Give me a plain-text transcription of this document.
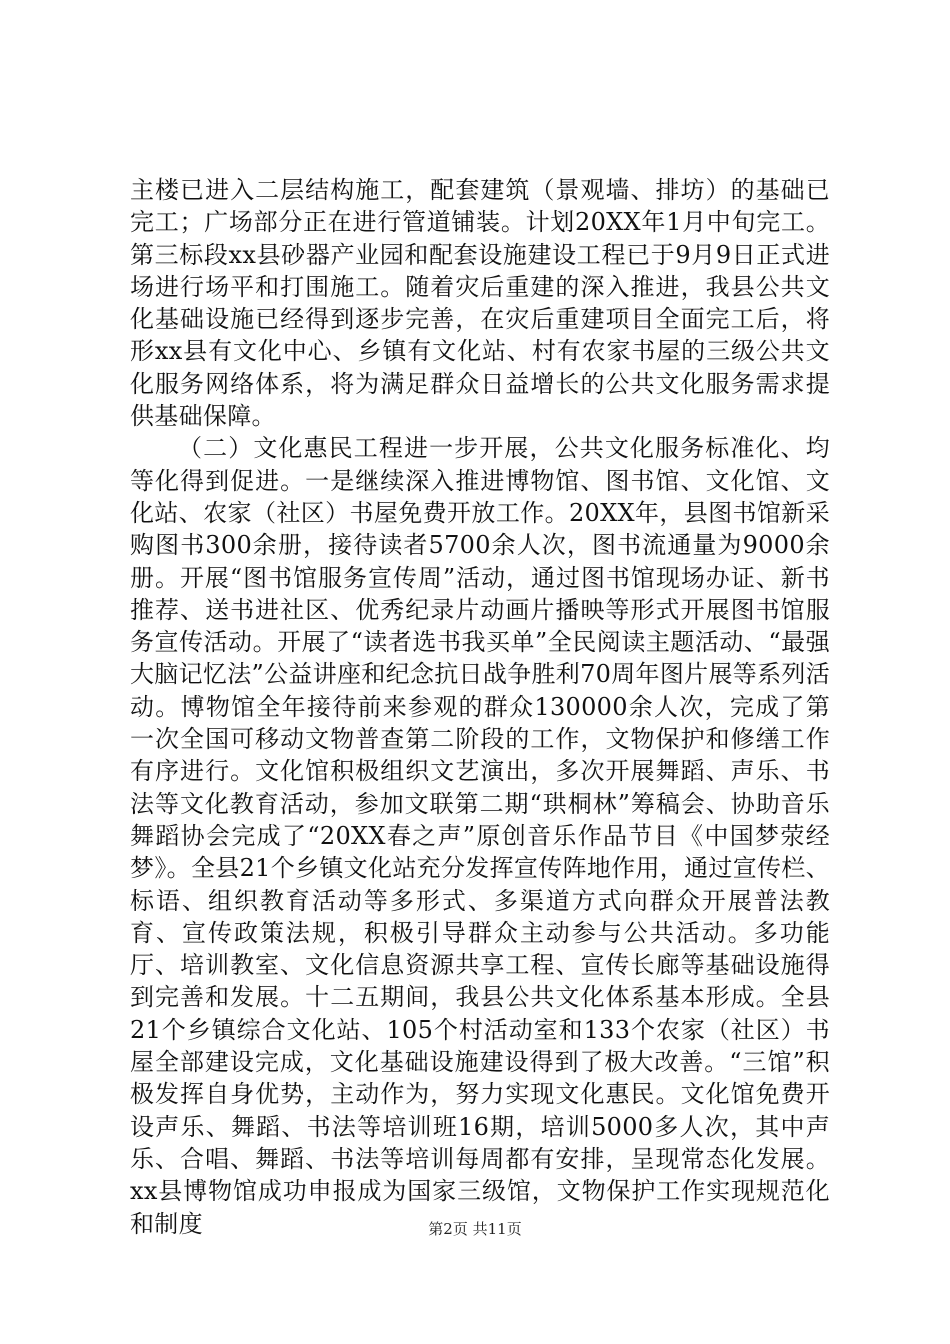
主楼已进入二层结构施工，配套建筑（景观墙、排坊）的基础已完工；广场部分正在进行管道铺装。计划20XX年1月中旬完工。第三标段xx县砂器产业园和配套设施建设工程已于9月9日正式进场进行场平和打围施工。随着灾后重建的深入推进，我县公共文化基础设施已经得到逐步完善，在灾后重建项目全面完工后，将形xx县有文化中心、乡镇有文化站、村有农家书屋的三级公共文化服务网络体系，将为满足群众日益增长的公共文化服务需求提供基础保障。

（二）文化惠民工程进一步开展，公共文化服务标准化、均等化得到促进。一是继续深入推进博物馆、图书馆、文化馆、文化站、农家（社区）书屋免费开放工作。20XX年，县图书馆新采购图书300余册，接待读者5700余人次，图书流通量为9000余册。开展“图书馆服务宣传周”活动，通过图书馆现场办证、新书推荐、送书进社区、优秀纪录片动画片播映等形式开展图书馆服务宣传活动。开展了“读者选书我买单”全民阅读主题活动、“最强大脑记忆法”公益讲座和纪念抗日战争胜利70周年图片展等系列活动。博物馆全年接待前来参观的群众130000余人次，完成了第一次全国可移动文物普查第二阶段的工作，文物保护和修缮工作有序进行。文化馆积极组织文艺演出，多次开展舞蹈、声乐、书法等文化教育活动，参加文联第二期“珙桐林”筹稿会、协助音乐舞蹈协会完成了“20XX春之声”原创音乐作品节目《中国梦荥经梦》。全县21个乡镇文化站充分发挥宣传阵地作用，通过宣传栏、标语、组织教育活动等多形式、多渠道方式向群众开展普法教育、宣传政策法规，积极引导群众主动参与公共活动。多功能厅、培训教室、文化信息资源共享工程、宣传长廊等基础设施得到完善和发展。十二五期间，我县公共文化体系基本形成。全县21个乡镇综合文化站、105个村活动室和133个农家（社区）书屋全部建设完成，文化基础设施建设得到了极大改善。“三馆”积极发挥自身优势，主动作为，努力实现文化惠民。文化馆免费开设声乐、舞蹈、书法等培训班16期，培训5000多人次，其中声乐、合唱、舞蹈、书法等培训每周都有安排，呈现常态化发展。xx县博物馆成功申报成为国家三级馆，文物保护工作实现规范化和制度	第2页 共11页
